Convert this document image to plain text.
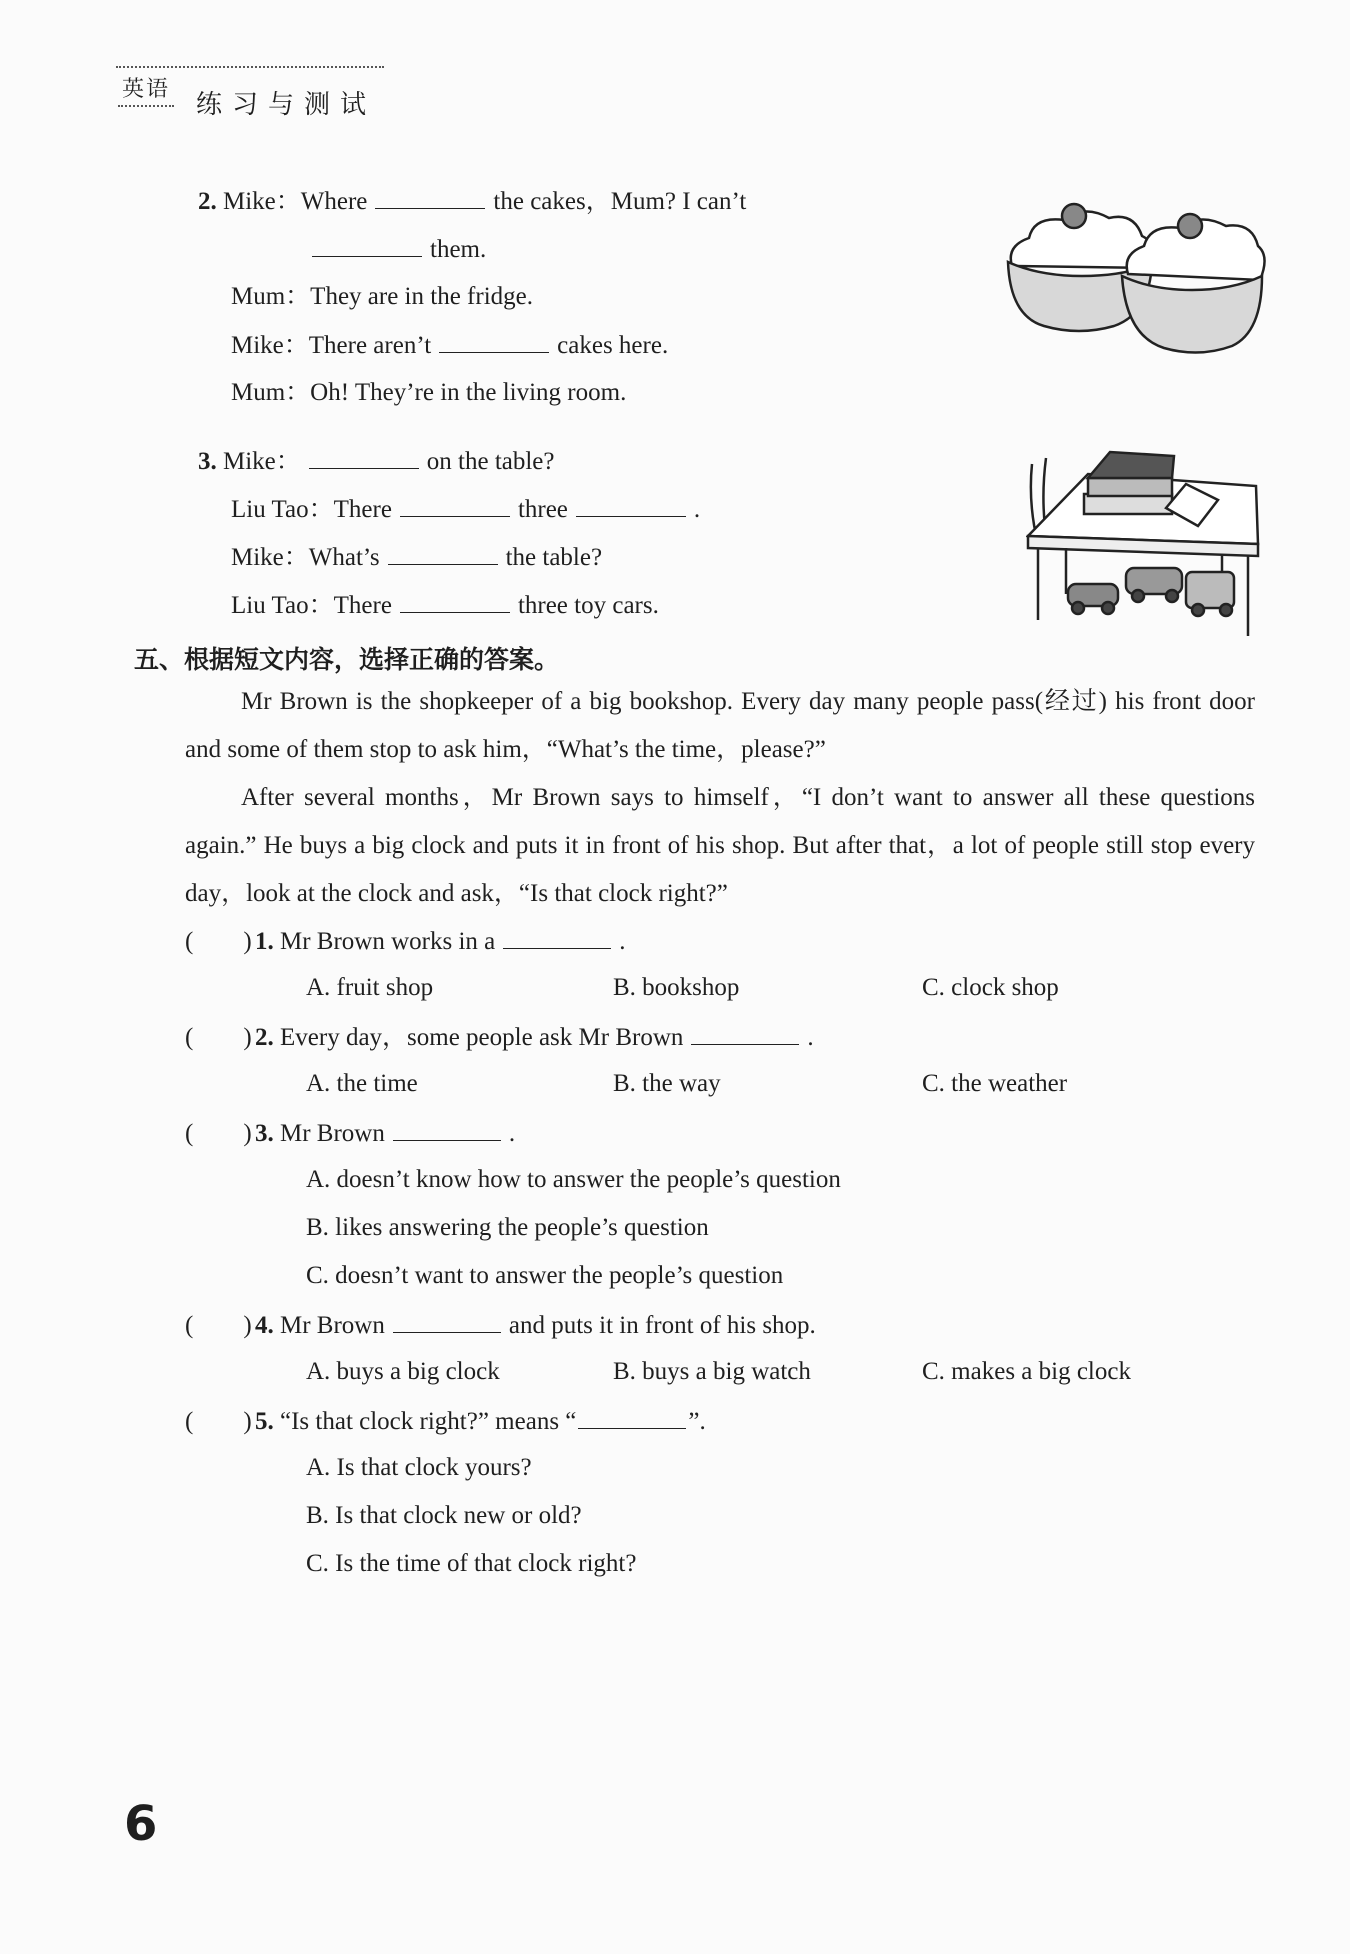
英语
练习与测试
2. Mike：Where	the cakes，Mum? I can’t
them.
Mum：They are in the fridge.
Mike：There aren’t	cakes here.
Mum：Oh! They’re in the living room.
3. Mike：	on the table?
Liu Tao：There	three	.
Mike：What’s	the table?
Liu Tao：There	three toy cars.
五、根据短文内容，选择正确的答案。

Mr Brown is the shopkeeper of a big bookshop. Every day many people pass(经过) his front door and some of them stop to ask him，“What’s the time，please?”

After several months，Mr Brown says to himself，“I don’t want to answer all these questions again.” He buys a big clock and puts it in front of his shop. But after that，a lot of people still stop every day，look at the clock and ask，“Is that clock right?”

(　　) 1. Mr Brown works in a	.
A. fruit shop	B. bookshop	C. clock shop
(　　) 2. Every day，some people ask Mr Brown	.
A. the time	B. the way	C. the weather
(　　) 3. Mr Brown	.
A. doesn’t know how to answer the people’s question
B. likes answering the people’s question
C. doesn’t want to answer the people’s question
(　　) 4. Mr Brown	and puts it in front of his shop.
A. buys a big clock	B. buys a big watch	C. makes a big clock
(　　) 5. “Is that clock right?” means “	”.
A. Is that clock yours?
B. Is that clock new or old?
C. Is the time of that clock right?
6
